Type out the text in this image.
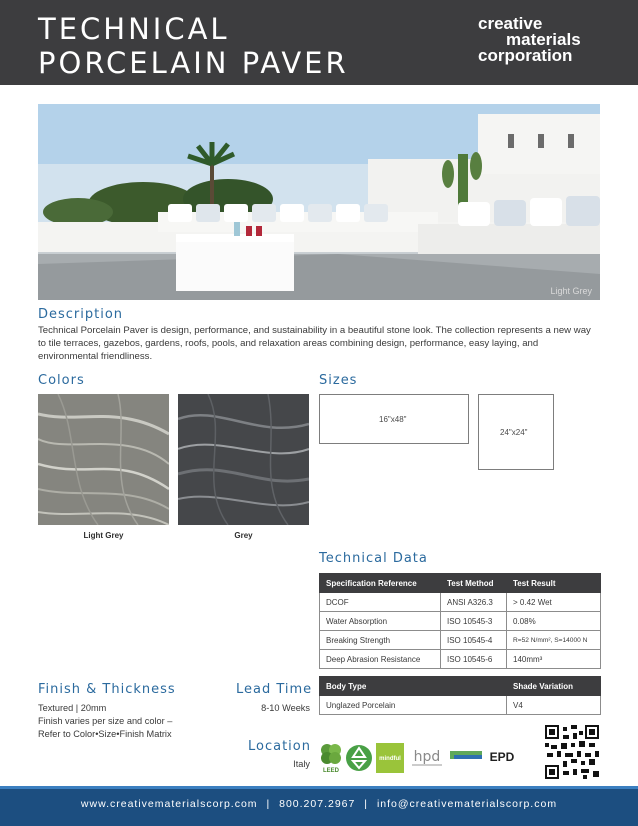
TECHNICAL
PORCELAIN PAVER
creative
materials
corporation
Light Grey
Description
Technical Porcelain Paver is design, performance, and sustainability in a beautiful stone look. The collection represents a new way to tile terraces, gazebos, gardens, roofs, pools, and relaxation areas combining design, performance, easy laying, and environmental friendliness.
Colors
Light Grey	Grey
Sizes
16"x48"
24"x24"
Technical Data
Specification Reference	Test Method	Test Result
DCOF	ANSI A326.3	> 0.42 Wet
Water Absorption	ISO 10545-3	0.08%
Breaking Strength	ISO 10545-4	R=52 N/mm², S=14000 N
Deep Abrasion Resistance	ISO 10545-6	140mm³
Body Type	Shade Variation
Unglazed Porcelain	V4
Finish & Thickness
Textured | 20mm
Finish varies per size and color –
Refer to Color•Size•Finish Matrix
Lead Time
8-10 Weeks
Location
Italy
LEED
mindful hpd	EPD
www.creativematerialscorp.com | 800.207.2967 | info@creativematerialscorp.com
